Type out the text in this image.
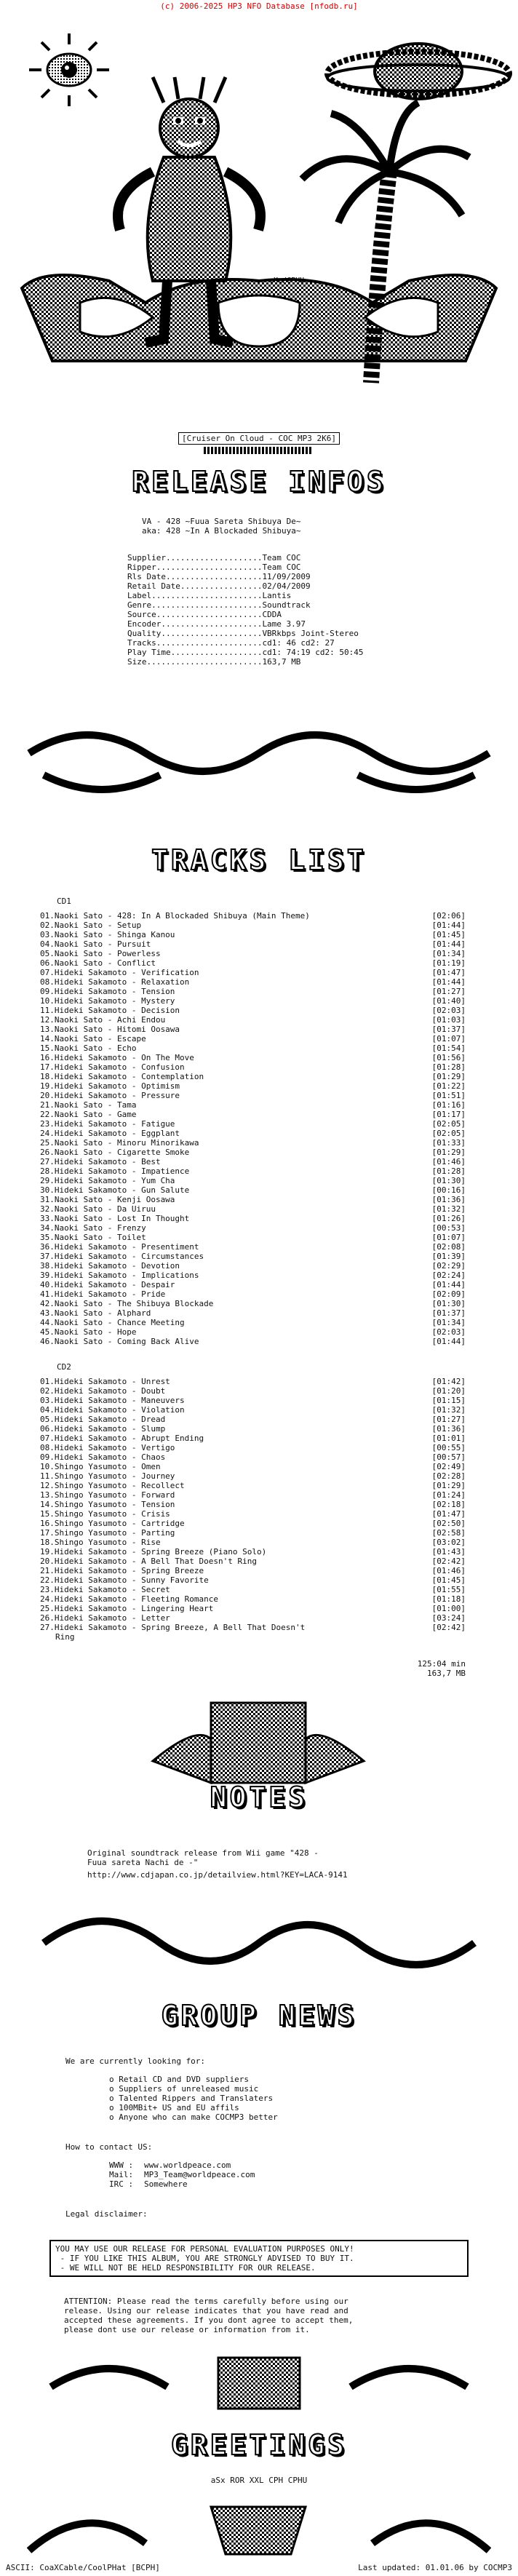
(c) 2006-2025 HP3 NFO Database [nfodb.ru]
[Cruiser On Cloud - COC MP3 2K6]
RELEASE INFOS
VA - 428 ~Fuua Sareta Shibuya De~
aka: 428 ~In A Blockaded Shibuya~
Supplier....................Team COC
Ripper......................Team COC
Rls Date....................11/09/2009
Retail Date.................02/04/2009
Label.......................Lantis
Genre.......................Soundtrack
Source......................CDDA
Encoder.....................Lame 3.97
Quality.....................VBRkbps Joint-Stereo
Tracks......................cd1: 46 cd2: 27
Play Time...................cd1: 74:19 cd2: 50:45
Size........................163,7 MB
TRACKS LIST
CD1
01.Naoki Sato - 428: In A Blockaded Shibuya (Main Theme)	[02:06]
02.Naoki Sato - Setup	[01:44]
03.Naoki Sato - Shinga Kanou	[01:45]
04.Naoki Sato - Pursuit	[01:44]
05.Naoki Sato - Powerless	[01:34]
06.Naoki Sato - Conflict	[01:19]
07.Hideki Sakamoto - Verification	[01:47]
08.Hideki Sakamoto - Relaxation	[01:44]
09.Hideki Sakamoto - Tension	[01:27]
10.Hideki Sakamoto - Mystery	[01:40]
11.Hideki Sakamoto - Decision	[02:03]
12.Naoki Sato - Achi Endou	[01:03]
13.Naoki Sato - Hitomi Oosawa	[01:37]
14.Naoki Sato - Escape	[01:07]
15.Naoki Sato - Echo	[01:54]
16.Hideki Sakamoto - On The Move	[01:56]
17.Hideki Sakamoto - Confusion	[01:28]
18.Hideki Sakamoto - Contemplation	[01:29]
19.Hideki Sakamoto - Optimism	[01:22]
20.Hideki Sakamoto - Pressure	[01:51]
21.Naoki Sato - Tama	[01:16]
22.Naoki Sato - Game	[01:17]
23.Hideki Sakamoto - Fatigue	[02:05]
24.Hideki Sakamoto - Eggplant	[02:05]
25.Naoki Sato - Minoru Minorikawa	[01:33]
26.Naoki Sato - Cigarette Smoke	[01:29]
27.Hideki Sakamoto - Best	[01:46]
28.Hideki Sakamoto - Impatience	[01:28]
29.Hideki Sakamoto - Yum Cha	[01:30]
30.Hideki Sakamoto - Gun Salute	[00:16]
31.Naoki Sato - Kenji Oosawa	[01:36]
32.Naoki Sato - Da Uiruu	[01:32]
33.Naoki Sato - Lost In Thought	[01:26]
34.Naoki Sato - Frenzy	[00:53]
35.Naoki Sato - Toilet	[01:07]
36.Hideki Sakamoto - Presentiment	[02:08]
37.Hideki Sakamoto - Circumstances	[01:39]
38.Hideki Sakamoto - Devotion	[02:29]
39.Hideki Sakamoto - Implications	[02:24]
40.Hideki Sakamoto - Despair	[01:44]
41.Hideki Sakamoto - Pride	[02:09]
42.Naoki Sato - The Shibuya Blockade	[01:30]
43.Naoki Sato - Alphard	[01:37]
44.Naoki Sato - Chance Meeting	[01:34]
45.Naoki Sato - Hope	[02:03]
46.Naoki Sato - Coming Back Alive	[01:44]
CD2
01.Hideki Sakamoto - Unrest	[01:42]
02.Hideki Sakamoto - Doubt	[01:20]
03.Hideki Sakamoto - Maneuvers	[01:15]
04.Hideki Sakamoto - Violation	[01:32]
05.Hideki Sakamoto - Dread	[01:27]
06.Hideki Sakamoto - Slump	[01:36]
07.Hideki Sakamoto - Abrupt Ending	[01:01]
08.Hideki Sakamoto - Vertigo	[00:55]
09.Hideki Sakamoto - Chaos	[00:57]
10.Shingo Yasumoto - Omen	[02:49]
11.Shingo Yasumoto - Journey	[02:28]
12.Shingo Yasumoto - Recollect	[01:29]
13.Shingo Yasumoto - Forward	[01:24]
14.Shingo Yasumoto - Tension	[02:18]
15.Shingo Yasumoto - Crisis	[01:47]
16.Shingo Yasumoto - Cartridge	[02:50]
17.Shingo Yasumoto - Parting	[02:58]
18.Shingo Yasumoto - Rise	[03:02]
19.Hideki Sakamoto - Spring Breeze (Piano Solo)	[01:43]
20.Hideki Sakamoto - A Bell That Doesn't Ring	[02:42]
21.Hideki Sakamoto - Spring Breeze	[01:46]
22.Hideki Sakamoto - Sunny Favorite	[01:45]
23.Hideki Sakamoto - Secret	[01:55]
24.Hideki Sakamoto - Fleeting Romance	[01:18]
25.Hideki Sakamoto - Lingering Heart	[01:00]
26.Hideki Sakamoto - Letter	[03:24]
27.Hideki Sakamoto - Spring Breeze, A Bell That Doesn't	[02:42]
Ring
125:04 min
163,7 MB
NOTES
Original soundtrack release from Wii game "428 -
Fuua sareta Nachi de -"
http://www.cdjapan.co.jp/detailview.html?KEY=LACA-9141
GROUP NEWS
We are currently looking for:
o Retail CD and DVD suppliers
o Suppliers of unreleased music
o Talented Rippers and Translaters
o 100MBit+ US and EU affils
o Anyone who can make COCMP3 better
How to contact US:
WWW : www.worldpeace.com
Mail: MP3_Team@worldpeace.com
IRC : Somewhere
Legal disclaimer:
YOU MAY USE OUR RELEASE FOR PERSONAL EVALUATION PURPOSES ONLY!
- IF YOU LIKE THIS ALBUM, YOU ARE STRONGLY ADVISED TO BUY IT.
- WE WILL NOT BE HELD RESPONSIBILITY FOR OUR RELEASE.
ATTENTION: Please read the terms carefully before using our
release. Using our release indicates that you have read and
accepted these agreements. If you dont agree to accept them,
please dont use our release or information from it.
GREETINGS
aSx ROR XXL CPH CPHU
ASCII: CoaXCable/CoolPHat [BCPH]	Last updated: 01.01.06 by COCMP3
